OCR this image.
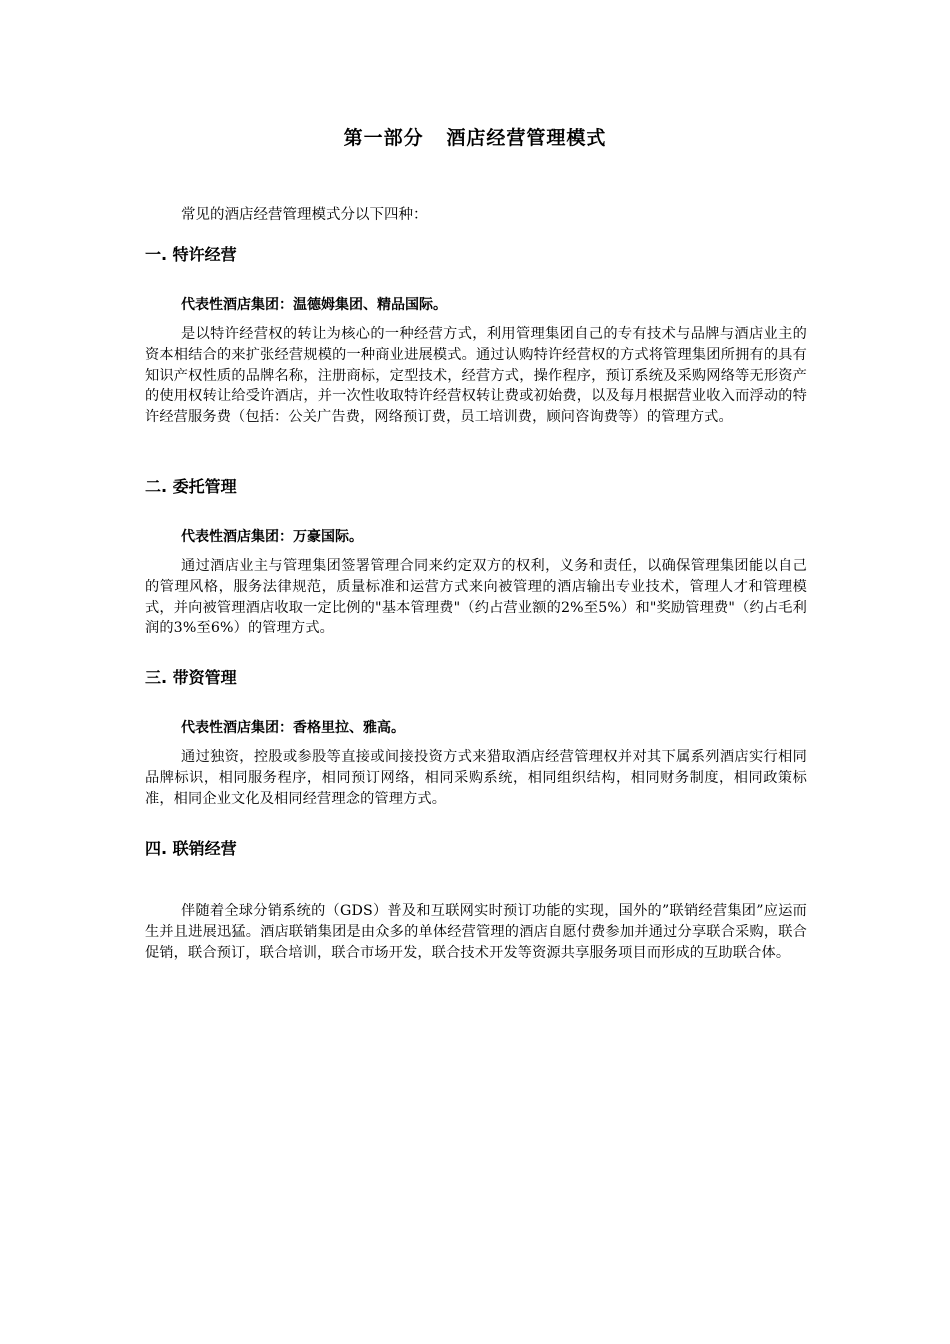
第一部分   酒店经营管理模式
常见的酒店经营管理模式分以下四种：
一. 特许经营
代表性酒店集团：温德姆集团、精品国际。
是以特许经营权的转让为核心的一种经营方式，利用管理集团自己的专有技术与品牌与酒店业主的资本相结合的来扩张经营规模的一种商业进展模式。通过认购特许经营权的方式将管理集团所拥有的具有知识产权性质的品牌名称，注册商标，定型技术，经营方式，操作程序，预订系统及采购网络等无形资产的使用权转让给受许酒店，并一次性收取特许经营权转让费或初始费，以及每月根据营业收入而浮动的特许经营服务费（包括：公关广告费，网络预订费，员工培训费，顾问咨询费等）的管理方式。
二. 委托管理
代表性酒店集团：万豪国际。
通过酒店业主与管理集团签署管理合同来约定双方的权利，义务和责任，以确保管理集团能以自己的管理风格，服务法律规范，质量标准和运营方式来向被管理的酒店输出专业技术，管理人才和管理模式，并向被管理酒店收取一定比例的"基本管理费"（约占营业额的2%至5%）和"奖励管理费"（约占毛利润的3%至6%）的管理方式。
三. 带资管理
代表性酒店集团：香格里拉、雅高。
通过独资，控股或参股等直接或间接投资方式来猎取酒店经营管理权并对其下属系列酒店实行相同品牌标识，相同服务程序，相同预订网络，相同采购系统，相同组织结构，相同财务制度，相同政策标准，相同企业文化及相同经营理念的管理方式。
四. 联销经营
伴随着全球分销系统的（GDS）普及和互联网实时预订功能的实现，国外的”联销经营集团”应运而生并且进展迅猛。酒店联销集团是由众多的单体经营管理的酒店自愿付费参加并通过分享联合采购，联合促销，联合预订，联合培训，联合市场开发，联合技术开发等资源共享服务项目而形成的互助联合体。
